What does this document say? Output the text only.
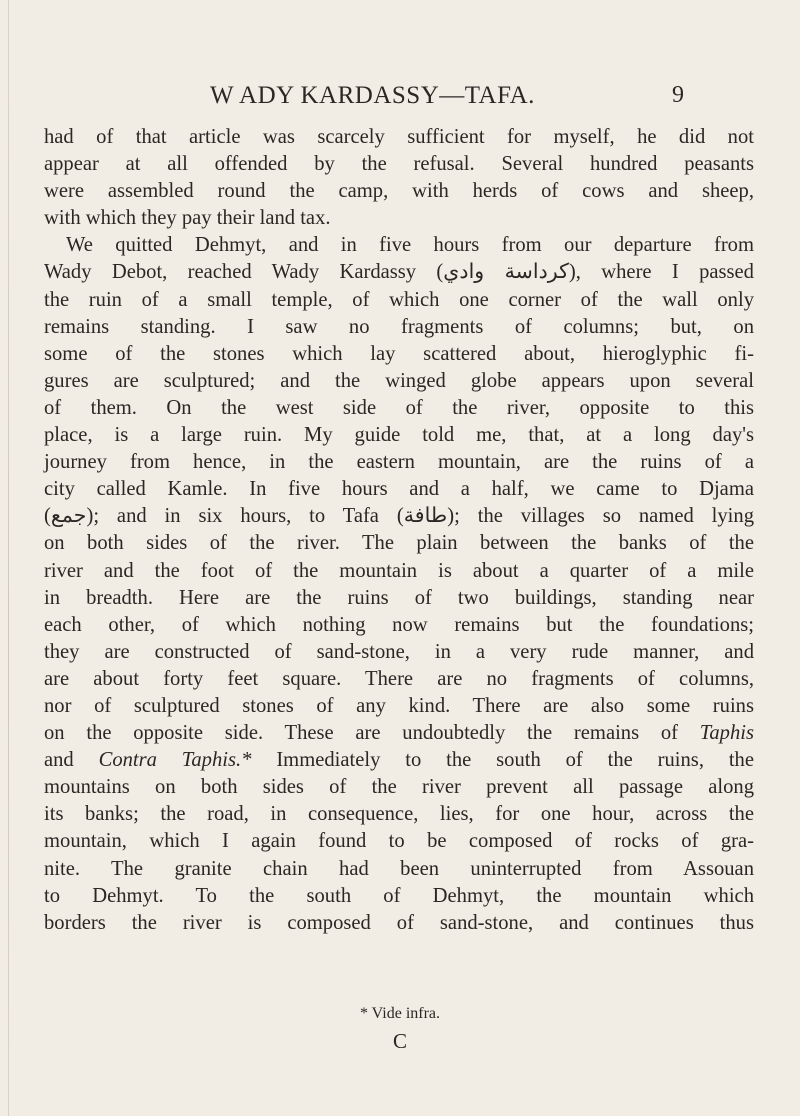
W ADY KARDASSY—TAFA.	9
had of that article was scarcely sufficient for myself, he did not
appear at all offended by the refusal. Several hundred peasants
were assembled round the camp, with herds of cows and sheep,
with which they pay their land tax.
We quitted Dehmyt, and in five hours from our departure from
Wady Debot, reached Wady Kardassy (كرداسة وادي), where I passed
the ruin of a small temple, of which one corner of the wall only
remains standing. I saw no fragments of columns; but, on
some of the stones which lay scattered about, hieroglyphic fi-
gures are sculptured; and the winged globe appears upon several
of them. On the west side of the river, opposite to this
place, is a large ruin. My guide told me, that, at a long day's
journey from hence, in the eastern mountain, are the ruins of a
city called Kamle. In five hours and a half, we came to Djama
(جمع); and in six hours, to Tafa (طافة); the villages so named lying
on both sides of the river. The plain between the banks of the
river and the foot of the mountain is about a quarter of a mile
in breadth. Here are the ruins of two buildings, standing near
each other, of which nothing now remains but the foundations;
they are constructed of sand-stone, in a very rude manner, and
are about forty feet square. There are no fragments of columns,
nor of sculptured stones of any kind. There are also some ruins
on the opposite side. These are undoubtedly the remains of Taphis
and Contra Taphis.* Immediately to the south of the ruins, the
mountains on both sides of the river prevent all passage along
its banks; the road, in consequence, lies, for one hour, across the
mountain, which I again found to be composed of rocks of gra-
nite. The granite chain had been uninterrupted from Assouan
to Dehmyt. To the south of Dehmyt, the mountain which
borders the river is composed of sand-stone, and continues thus
* Vide infra.
C
